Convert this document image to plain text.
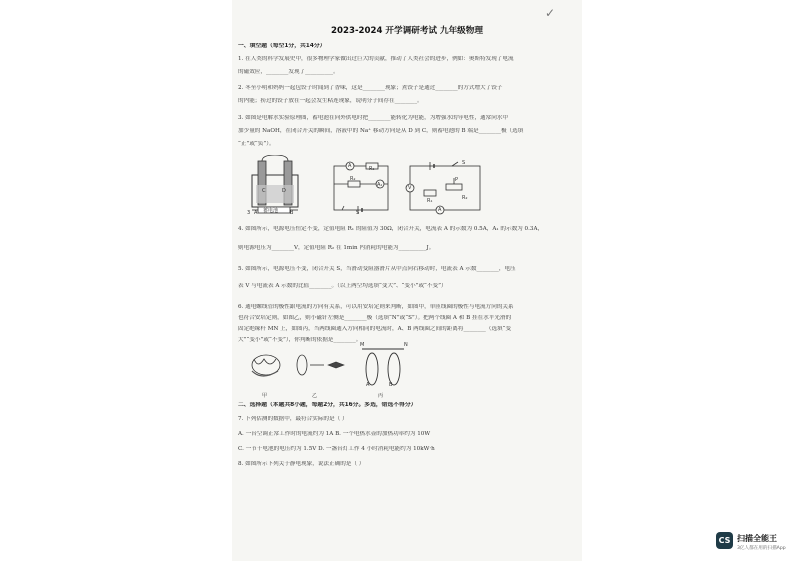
✓
2023-2024 开学调研考试 九年级物理
一、填空题（每空1分，共14分）
1. 在人类的科学发展史中，很多物理学家做出过巨大的贡献，推动了人类社会的进步，例如：奥斯特发现了电流
的磁效应，________发现了__________。
2. 冬至小明和妈妈一起包饺子时闻到了香味，这是________现象；煮饺子是通过________的方式增大了饺子
的内能；捞过的饺子放在一起会发生粘连现象，说明分子间存在________。
3. 如图是电解水实验原理图，蓄电池在向外供电时把________能转化为电能，为增强水的导电性，通常向水中
加少量的 NaOH，在闭合开关的瞬间，溶液中的 Na⁺ 移动方向是从 D 到 C，则蓄电池的 B 端是________极（选填
“正”或“负”）。
3 A	B
C	D
蓄电池
A
R₂
R₁
A₁
S
V
P
R₁	R₂
A
S
4. 如图所示，电源电压恒定不变，定值电阻 R₁ 的阻值为 30Ω，闭合开关，电流表 A 的示数为 0.5A，A₁ 的示数为 0.3A，
则电源电压为________V，定值电阻 R₂ 在 1min 内消耗的电能为__________J。
5. 如图所示，电源电压不变，闭合开关 S，当滑动变阻器滑片从中点向右移动时，电流表 A 示数________，电压
表 V 与电流表 A 示数的比值________。（以上两空均选填“变大”、“变小”或“不变”）
6. 通电螺线管的极性跟电流的方向有关系，可以用安培定则来判断，如图甲，单匝线圈的极性与电流方向的关系
也符合安培定则，如图乙，则小磁针左侧是________极（选填“N”或“S”）。把两个线圈 A 和 B 挂在水平光滑的
固定绝缘杆 MN 上，如图丙，当两线圈通入方向相同的电流时，A、B 两线圈之间的距离将________（选填“变
大”“变小”或“不变”），你判断的依据是________。
甲	乙	丙
M	N
A	B
二、选择题（本题共8小题，每题2分，共16分。多选，错选不得分）
7. 下列估测的数据中，最符合实际的是（ ）
A. 一台空调正常工作时的电流约为 1A B. 一个电热水壶的加热功率约为 10W
C. 一节干电池的电压约为 1.5V D. 一盏台灯工作 4 小时消耗电能约为 10kW·h
8. 如图所示下列关于静电现象，说法正确的是（ ）
CS 扫描全能王
3亿人都在用的扫描App
